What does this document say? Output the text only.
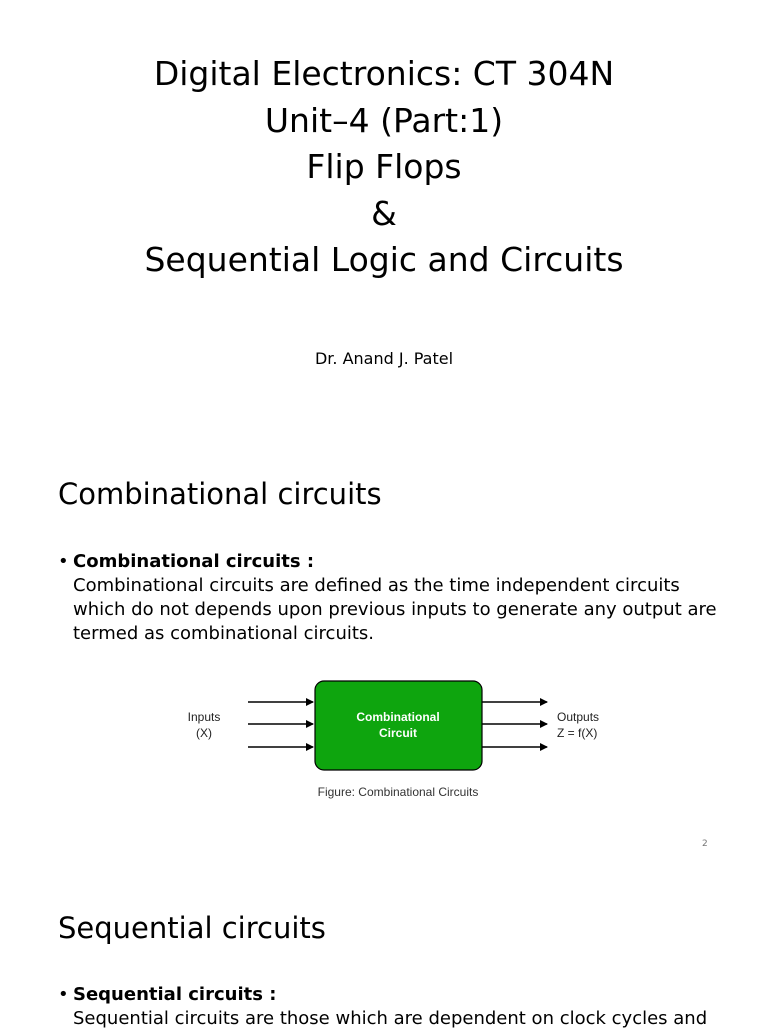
Digital Electronics: CT 304N
Unit–4 (Part:1)
Flip Flops
&
Sequential Logic and Circuits
Dr. Anand J. Patel
Combinational circuits
• Combinational circuits :
Combinational circuits are defined as the time independent circuits which do not depends upon previous inputs to generate any output are termed as combinational circuits.
Combinational
Circuit
Inputs
(X)
Outputs
Z = f(X)
Figure: Combinational Circuits
2
Sequential circuits
• Sequential circuits :
Sequential circuits are those which are dependent on clock cycles and
